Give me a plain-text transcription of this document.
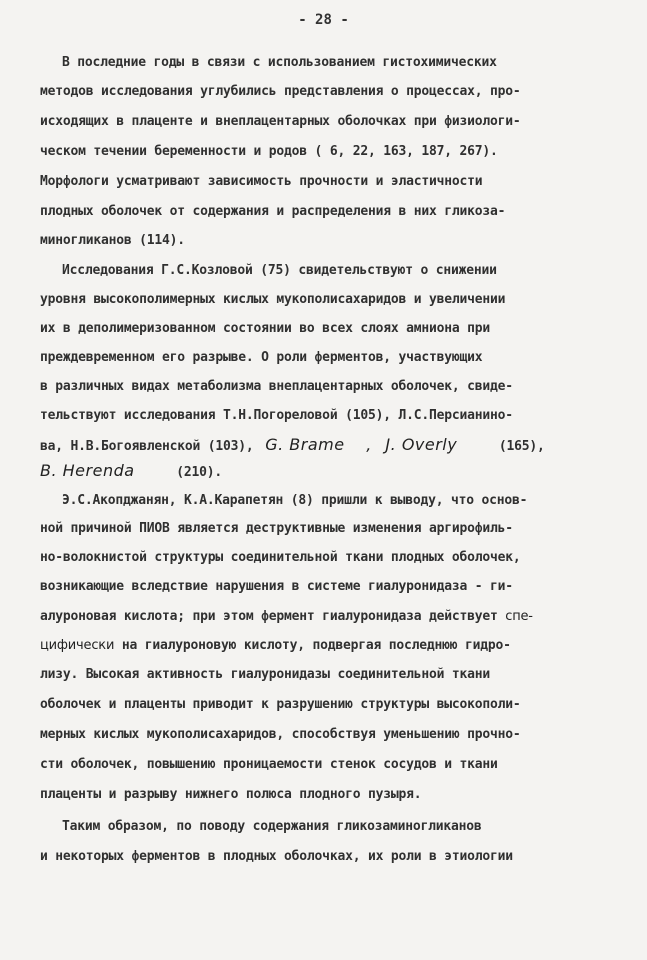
- 28 -
В последние годы в связи с использованием гистохимических
методов исследования углубились представления о процессах, про-
исходящих в плаценте и внеплацентарных оболочках при физиологи-
ческом течении беременности и родов ( 6, 22, 163, 187, 267).
Морфологи усматривают зависимость прочности и эластичности
плодных оболочек от содержания и распределения в них гликоза-
миногликанов (114).
Исследования Г.С.Козловой (75) свидетельствуют о снижении
уровня высокополимерных кислых мукополисахаридов и увеличении
их в деполимеризованном состоянии во всех слоях амниона при
преждевременном его разрыве. О роли ферментов, участвующих
в различных видах метаболизма внеплацентарных оболочек, свиде-
тельствуют исследования Т.Н.Погорeловой (105), Л.С.Персианино-
вa, Н.В.Богоявленской (103), G. Brame , J. Overly	(165),
B. Herenda	(210).
Э.С.Акопджанян, К.А.Карапетян (8) пришли к выводу, что основ-
ной причиной ПИОВ является деструктивные изменения аргирофиль-
но-волокнистой структуры соединительной ткани плодных оболочек,
возникающие вследствие нарушения в системе гиалуронидаза - ги-
алуроновая кислота; при этом фермент гиалуронидаза действует спе-
цифически на гиалуроновую кислоту, подвергая последнюю гидро-
лизу. Высокая активность гиалуронидазы соединительной ткани
оболочек и плаценты приводит к разрушению структуры высокополи-
мерных кислых мукополисахаридов, способствуя уменьшению прочно-
сти оболочек, повышению проницаемости стенок сосудов и ткани
плаценты и разрыву нижнего полюса плодного пузыря.
Таким образом, по поводу содержания гликозаминогликанов
и некоторых ферментов в плодных оболочках, их роли в этиологии
